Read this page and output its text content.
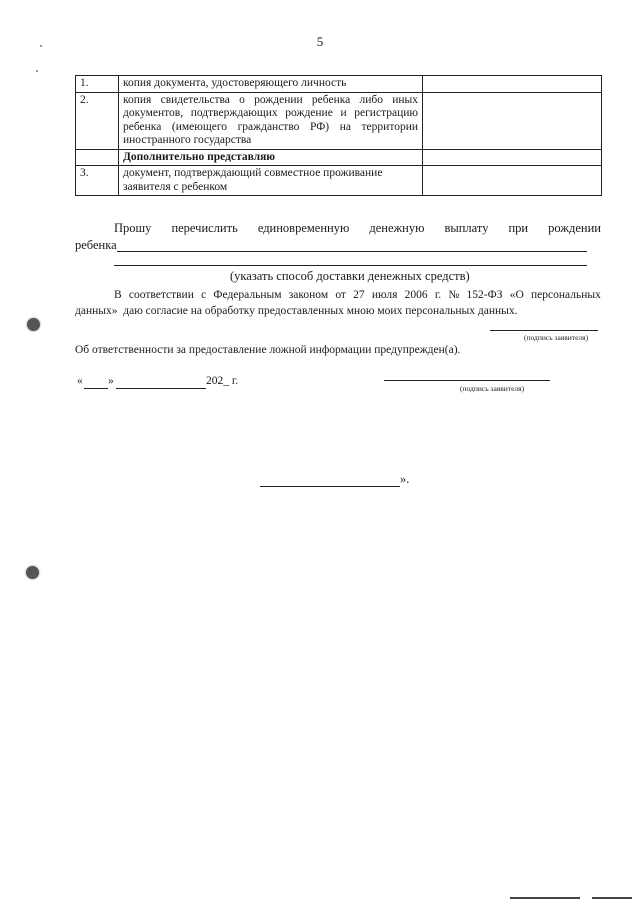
5
1.	копия документа, удостоверяющего личность	
2.	копия свидетельства о рождении ребенка либо иных документов, подтверждающих рождение и регистрацию ребенка (имеющего гражданство РФ) на территории иностранного государства	
	Дополнительно представляю	
3.	документ, подтверждающий совместное проживание заявителя с ребенком	
Прошу перечислить единовременную денежную выплату при рождении
ребенка
(указать способ доставки денежных средств)
В соответствии с Федеральным законом от 27 июля 2006 г. № 152-ФЗ «О персональных
данных»  даю согласие на обработку предоставленных мною моих персональных данных.
(подпись заявителя)
Об ответственности за предоставление ложной информации предупрежден(а).
« »	202_ г.
(подпись заявителя)
».
